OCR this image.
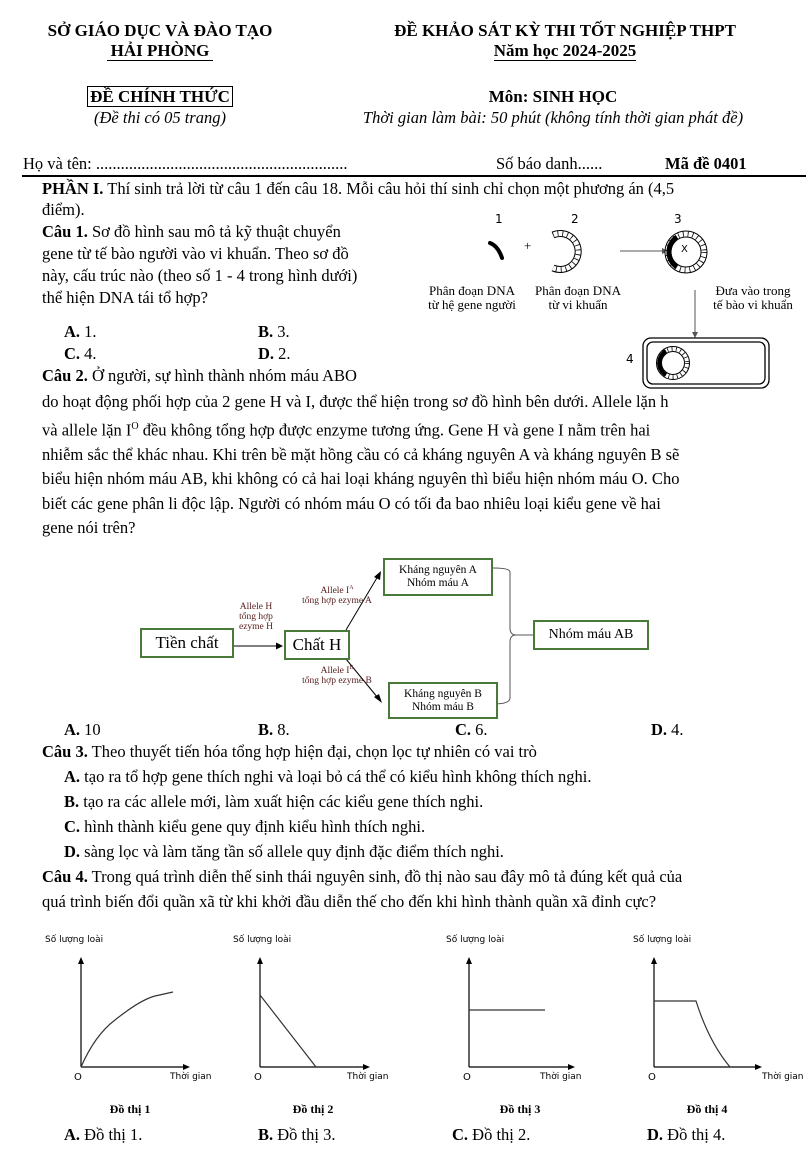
SỞ GIÁO DỤC VÀ ĐÀO TẠO
HẢI PHÒNG
ĐỀ KHẢO SÁT KỲ THI TỐT NGHIỆP THPT
Năm học 2024-2025
ĐỀ CHÍNH THỨC
(Đề thi có 05 trang)
Môn: SINH HỌC
Thời gian làm bài: 50 phút (không tính thời gian phát đề)
Họ và tên: .............................................................	Số báo danh......	Mã đề 0401
PHẦN I. Thí sinh trả lời từ câu 1 đến câu 18. Mỗi câu hỏi thí sinh chỉ chọn một phương án (4,5
điểm).
Câu 1. Sơ đồ hình sau mô tả kỹ thuật chuyển
gene từ tế bào người vào vi khuẩn. Theo sơ đồ
này, cấu trúc nào (theo số 1 - 4 trong hình dưới)
thể hiện DNA tái tổ hợp?
A. 1.	B. 3.
C. 4.	D. 2.
1	2	3
4
+	X
Phân đoạn DNA
từ hệ gene người
Phân đoạn DNA
từ vi khuẩn
Đưa vào trong
tế bào vi khuẩn
Câu 2. Ở người, sự hình thành nhóm máu ABO
do hoạt động phối hợp của 2 gene H và I, được thể hiện trong sơ đồ hình bên dưới. Allele lặn h
và allele lặn $I^O$ đều không tổng hợp được enzyme tương ứng. Gene H và gene I nằm trên hai
nhiễm sắc thể khác nhau. Khi trên bề mặt hồng cầu có cả kháng nguyên A và kháng nguyên B sẽ
biểu hiện nhóm máu AB, khi không có cả hai loại kháng nguyên thì biểu hiện nhóm máu O. Cho
biết các gene phân li độc lập. Người có nhóm máu O có tối đa bao nhiêu loại kiểu gene về hai
gene nói trên?
Tiền chất	Chất H
Kháng nguyên A
Nhóm máu A
Kháng nguyên B
Nhóm máu B
Nhóm máu AB
Allele H
tổng hợp
ezyme H
Allele $I^A$
tổng hợp ezyme A
Allele $I^B$
tổng hợp ezyme B
A. 10	B. 8.	C. 6.	D. 4.
Câu 3. Theo thuyết tiến hóa tổng hợp hiện đại, chọn lọc tự nhiên có vai trò
A. tạo ra tổ hợp gene thích nghi và loại bỏ cá thể có kiểu hình không thích nghi.
B. tạo ra các allele mới, làm xuất hiện các kiểu gene thích nghi.
C. hình thành kiểu gene quy định kiểu hình thích nghi.
D. sàng lọc và làm tăng tần số allele quy định đặc điểm thích nghi.
Câu 4. Trong quá trình diễn thế sinh thái nguyên sinh, đồ thị nào sau đây mô tả đúng kết quả của
quá trình biến đổi quần xã từ khi khởi đầu diễn thế cho đến khi hình thành quần xã đỉnh cực?
Số lượng loài
O	Thời gian
Đồ thị 1
Số lượng loài
O	Thời gian
Đồ thị 2
Số lượng loài
O	Thời gian
Đồ thị 3
Số lượng loài
O	Thời gian
Đồ thị 4
A. Đồ thị 1.	B. Đồ thị 3.	C. Đồ thị 2.	D. Đồ thị 4.
